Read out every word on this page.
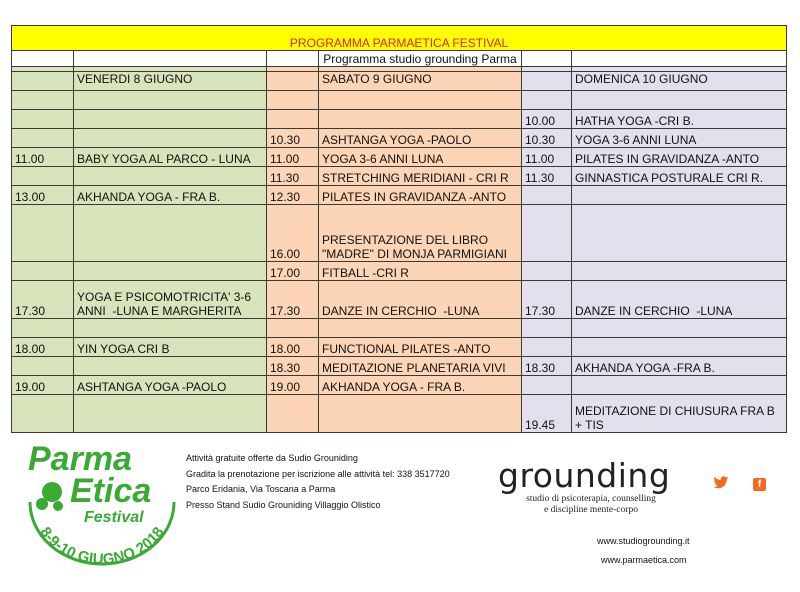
PROGRAMMA PARMAETICA FESTIVAL					
			Programma studio grounding Parma		

	VENERDI 8 GIUGNO		SABATO 9 GIUGNO		DOMENICA 10 GIUGNO

				10.00	HATHA YOGA -CRI B.
		10.30	ASHTANGA YOGA -PAOLO	10.30	YOGA 3-6 ANNI LUNA
11.00	BABY YOGA AL PARCO - LUNA	11.00	YOGA 3-6 ANNI LUNA	11.00	PILATES IN GRAVIDANZA -ANTO
		11.30	STRETCHING MERIDIANI - CRI R	11.30	GINNASTICA POSTURALE CRI R.
13.00	AKHANDA YOGA - FRA B.	12.30	PILATES IN GRAVIDANZA -ANTO		
		16.00	PRESENTAZIONE DEL LIBRO "MADRE" DI MONJA PARMIGIANI		
		17.00	FITBALL -CRI R		
17.30	YOGA E PSICOMOTRICITA' 3-6 ANNI  -LUNA E MARGHERITA	17.30	DANZE IN CERCHIO  -LUNA	17.30	DANZE IN CERCHIO  -LUNA

18.00	YIN YOGA CRI B	18.00	FUNCTIONAL PILATES -ANTO		
		18.30	MEDITAZIONE PLANETARIA VIVI	18.30	AKHANDA YOGA -FRA B.
19.00	ASHTANGA YOGA -PAOLO	19.00	AKHANDA YOGA - FRA B.		
				19.45	MEDITAZIONE DI CHIUSURA FRA B + TIS
Parma
Etica
Festival
8-9-10 GIUGNO 2018
Attività gratuite offerte da Sudio Grouniding
Gradita la prenotazione per iscrizione alle attività tel: 338 3517720
Parco Eridania, Via Toscana a Parma
Presso Stand Sudio Grouniding Villaggio Olistico
grounding
studio di psicoterapia, counselling
e discipline mente-corpo
f
www.studiogrounding.it
www.parmaetica.com
